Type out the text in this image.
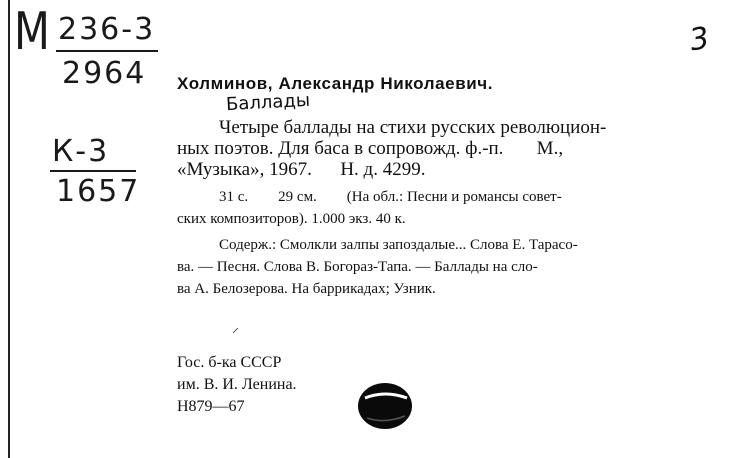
M 236-3
2964
К-3
1657
3
Холминов, Александр Николаевич.
Баллады
Четыре баллады на стихи русских революцион-
ных поэтов. Для баса в сопровожд. ф.-п.       М.,
«Музыка», 1967.      Н. д. 4299.
31 с.        29 см.        (На обл.: Песни и романсы совет-
ских композиторов). 1.000 экз. 40 к.
Содерж.: Смолкли залпы запоздалые... Слова Е. Тарасо-
ва. — Песня. Слова В. Богораз-Тапа. — Баллады на сло-
ва А. Белозерова. На баррикадах; Узник.
⸝
Гос. б-ка СССР
им. В. И. Ленина.
Н879—67
